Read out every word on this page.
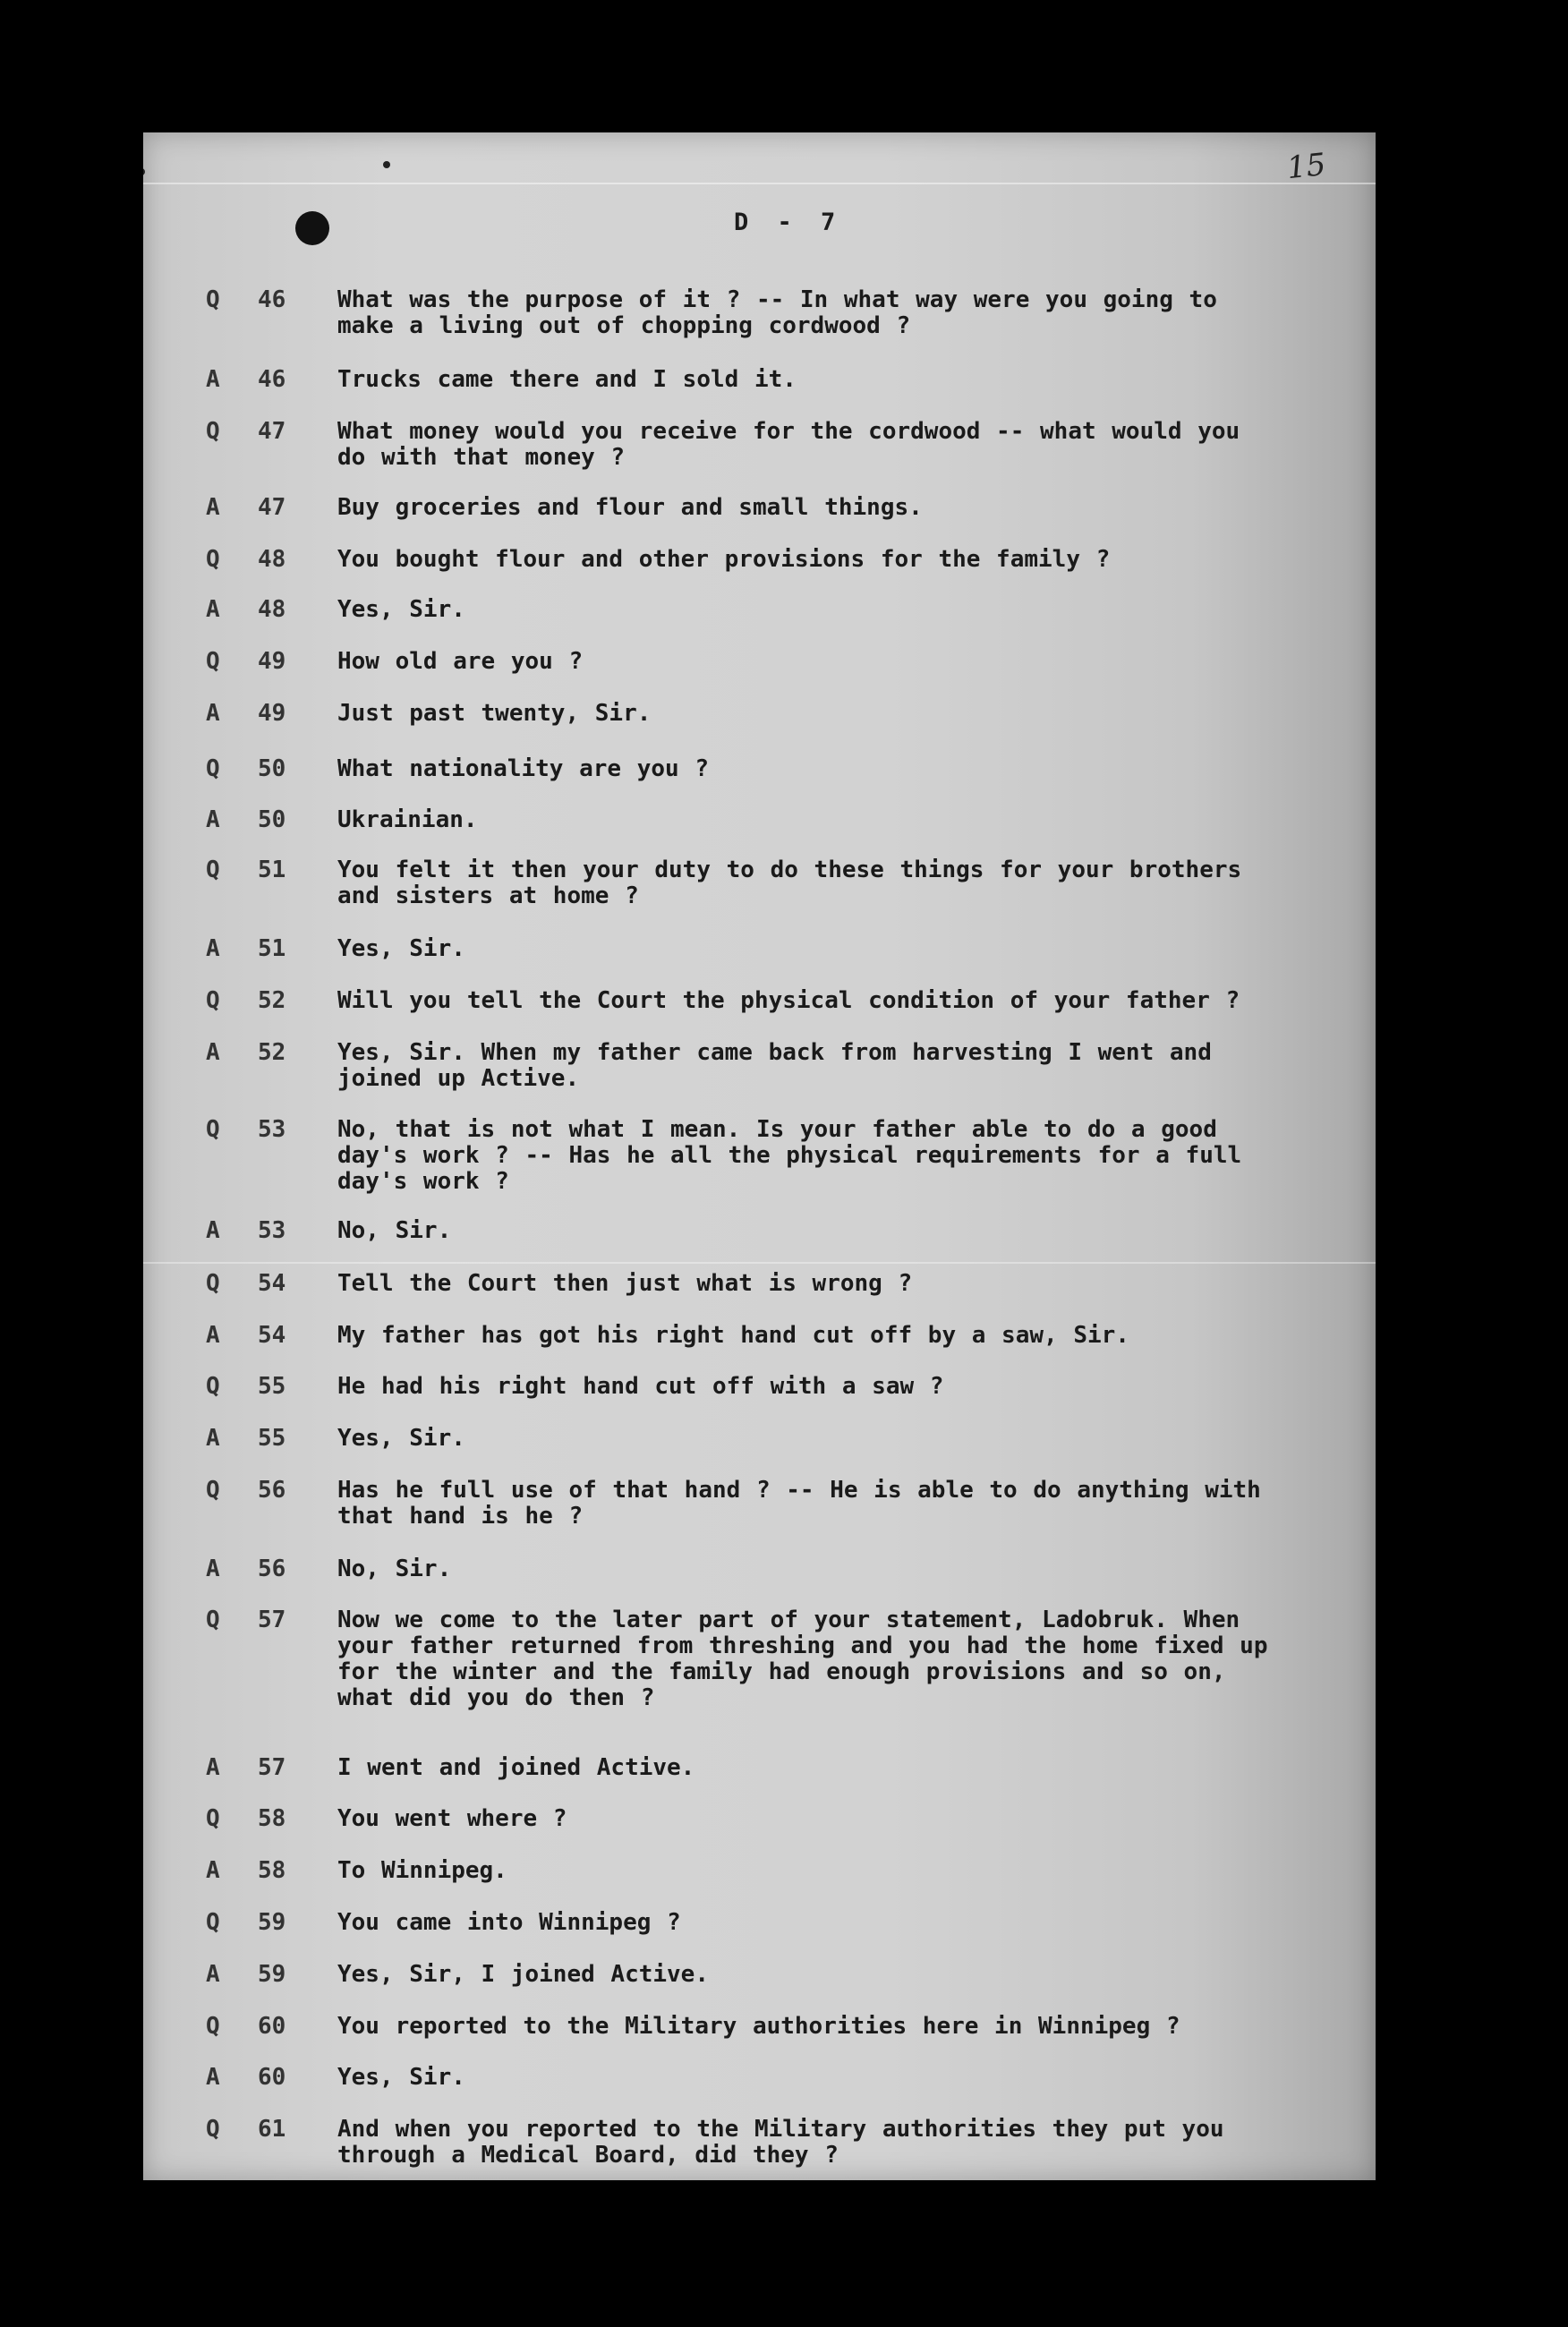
15
D - 7
Q	46	What was the purpose of it ? -- In what way were you going to
make a living out of chopping cordwood ?
A	46	Trucks came there and I sold it.
Q	47	What money would you receive for the cordwood -- what would you
do with that money ?
A	47	Buy groceries and flour and small things.
Q	48	You bought flour and other provisions for the family ?
A	48	Yes, Sir.
Q	49	How old are you ?
A	49	Just past twenty, Sir.
Q	50	What nationality are you ?
A	50	Ukrainian.
Q	51	You felt it then your duty to do these things for your brothers
and sisters at home ?
A	51	Yes, Sir.
Q	52	Will you tell the Court the physical condition of your father ?
A	52	Yes, Sir. When my father came back from harvesting I went and
joined up Active.
Q	53	No, that is not what I mean. Is your father able to do a good
day's work ? -- Has he all the physical requirements for a full
day's work ?
A	53	No, Sir.
Q	54	Tell the Court then just what is wrong ?
A	54	My father has got his right hand cut off by a saw, Sir.
Q	55	He had his right hand cut off with a saw ?
A	55	Yes, Sir.
Q	56	Has he full use of that hand ? -- He is able to do anything with
that hand is he ?
A	56	No, Sir.
Q	57	Now we come to the later part of your statement, Ladobruk. When
your father returned from threshing and you had the home fixed up
for the winter and the family had enough provisions and so on,
what did you do then ?
A	57	I went and joined Active.
Q	58	You went where ?
A	58	To Winnipeg.
Q	59	You came into Winnipeg ?
A	59	Yes, Sir, I joined Active.
Q	60	You reported to the Military authorities here in Winnipeg ?
A	60	Yes, Sir.
Q	61	And when you reported to the Military authorities they put you
through a Medical Board, did they ?
